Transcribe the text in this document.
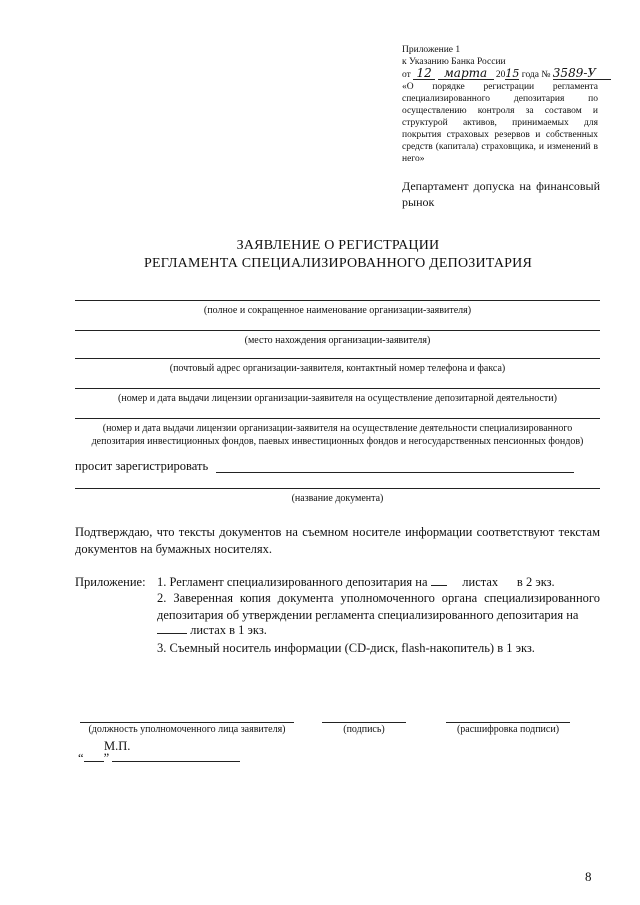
Приложение 1
к Указанию Банка России
от 12 марта 2015 года № 3589-У
«О порядке регистрации регламента специализированного депозитария по осуществлению контроля за составом и структурой активов, принимаемых для покрытия страховых резервов и собственных средств (капитала) страховщика, и изменений в него»
Департамент допуска на финансовый рынок
ЗАЯВЛЕНИЕ О РЕГИСТРАЦИИ
РЕГЛАМЕНТА СПЕЦИАЛИЗИРОВАННОГО ДЕПОЗИТАРИЯ
(полное и сокращенное наименование организации-заявителя)
(место нахождения организации-заявителя)
(почтовый адрес организации-заявителя, контактный номер телефона и факса)
(номер и дата выдачи лицензии организации-заявителя на осуществление депозитарной деятельности)
(номер и дата выдачи лицензии организации-заявителя на осуществление деятельности специализированного депозитария инвестиционных фондов, паевых инвестиционных фондов и негосударственных пенсионных фондов)
просит зарегистрировать
(название документа)
Подтверждаю, что тексты документов на съемном носителе информации соответствуют текстам документов на бумажных носителях.
Приложение: 1. Регламент специализированного депозитария на	листах в 2 экз.
2. Заверенная копия документа уполномоченного органа специализированного депозитария об утверждении регламента специализированного депозитария на
листах в 1 экз.
3. Съемный носитель информации (CD-диск, flash-накопитель) в 1 экз.
(должность уполномоченного лица заявителя)	(подпись)	(расшифровка подписи)
М.П.
“ ”
8
